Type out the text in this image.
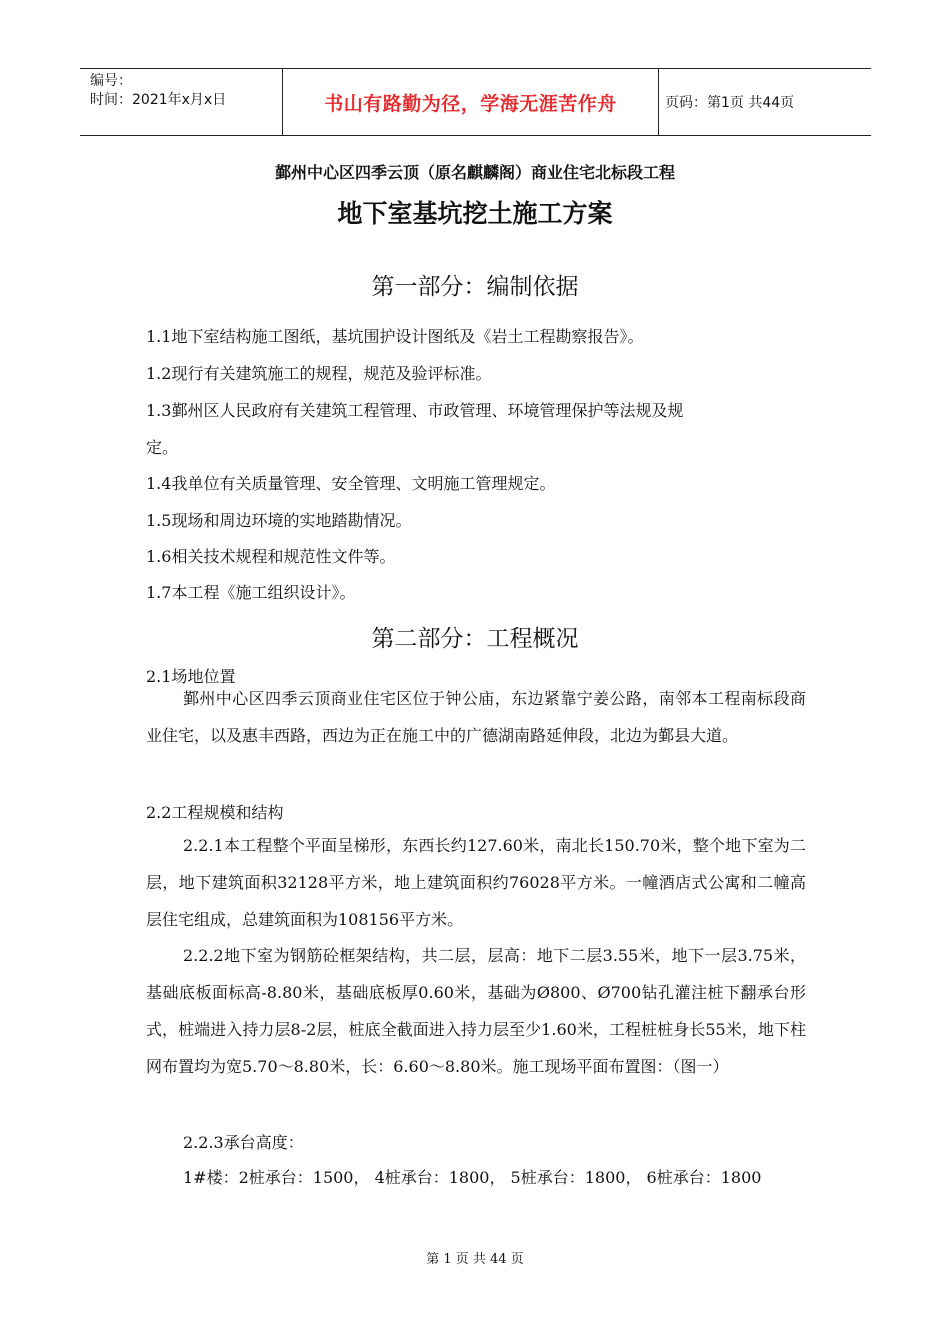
编号：
时间：2021年x月x日	书山有路勤为径，学海无涯苦作舟	页码：第1页 共44页
鄞州中心区四季云顶（原名麒麟阁）商业住宅北标段工程
地下室基坑挖土施工方案
第一部分：编制依据
1.1地下室结构施工图纸，基坑围护设计图纸及《岩土工程勘察报告》。
1.2现行有关建筑施工的规程，规范及验评标准。
1.3鄞州区人民政府有关建筑工程管理、市政管理、环境管理保护等法规及规
定。
1.4我单位有关质量管理、安全管理、文明施工管理规定。
1.5现场和周边环境的实地踏勘情况。
1.6相关技术规程和规范性文件等。
1.7本工程《施工组织设计》。
第二部分：工程概况
2.1场地位置
鄞州中心区四季云顶商业住宅区位于钟公庙，东边紧靠宁姜公路，南邻本工程南标段商业住宅，以及惠丰西路，西边为正在施工中的广德湖南路延伸段，北边为鄞县大道。
2.2工程规模和结构
2.2.1本工程整个平面呈梯形，东西长约127.60米，南北长150.70米，整个地下室为二层，地下建筑面积32128平方米，地上建筑面积约76028平方米。一幢酒店式公寓和二幢高层住宅组成，总建筑面积为108156平方米。
2.2.2地下室为钢筋砼框架结构，共二层，层高：地下二层3.55米，地下一层3.75米，基础底板面标高-8.80米，基础底板厚0.60米，基础为Ø800、Ø700钻孔灌注桩下翻承台形式，桩端进入持力层8-2层，桩底全截面进入持力层至少1.60米，工程桩桩身长55米，地下柱网布置均为宽5.70～8.80米，长：6.60～8.80米。施工现场平面布置图：（图一）
2.2.3承台高度：
1#楼：2桩承台：1500， 4桩承台：1800， 5桩承台：1800， 6桩承台：1800
第 1 页 共 44 页
